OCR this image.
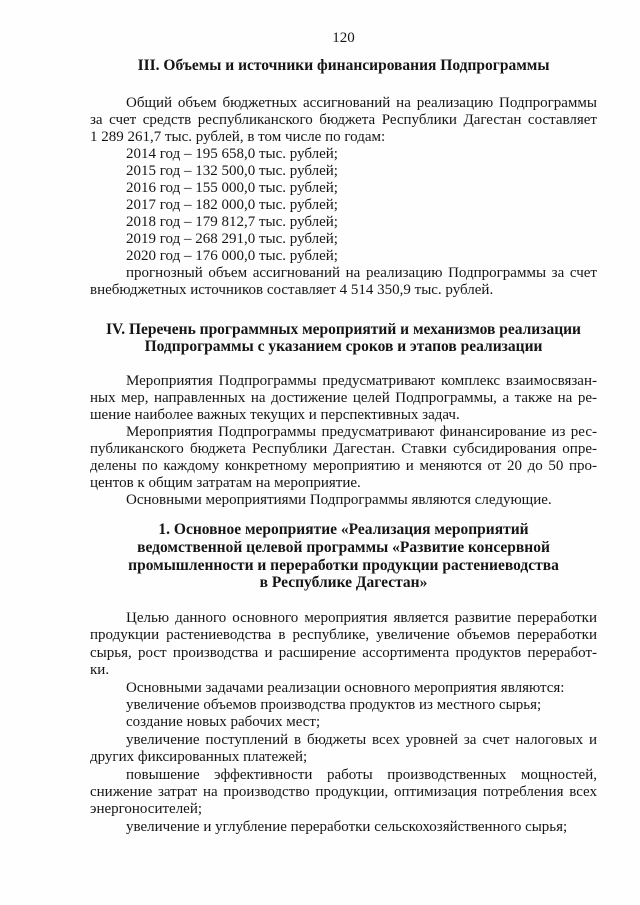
120
III. Объемы и источники финансирования Подпрограммы
Общий объем бюджетных ассигнований на реализацию Подпрограммы
за счет средств республиканского бюджета Республики Дагестан составляет
1 289 261,7 тыс. рублей, в том числе по годам:
2014 год – 195 658,0 тыс. рублей;
2015 год – 132 500,0 тыс. рублей;
2016 год – 155 000,0 тыс. рублей;
2017 год – 182 000,0 тыс. рублей;
2018 год – 179 812,7 тыс. рублей;
2019 год – 268 291,0 тыс. рублей;
2020 год – 176 000,0 тыс. рублей;
прогнозный объем ассигнований на реализацию Подпрограммы за счет
внебюджетных источников составляет 4 514 350,9 тыс. рублей.
IV. Перечень программных мероприятий и механизмов реализации
Подпрограммы с указанием сроков и этапов реализации
Мероприятия Подпрограммы предусматривают комплекс взаимосвязан-
ных мер, направленных на достижение целей Подпрограммы, а также на ре-
шение наиболее важных текущих и перспективных задач.
Мероприятия Подпрограммы предусматривают финансирование из рес-
публиканского бюджета Республики Дагестан. Ставки субсидирования опре-
делены по каждому конкретному мероприятию и меняются от 20 до 50 про-
центов к общим затратам на мероприятие.
Основными мероприятиями Подпрограммы являются следующие.
1. Основное мероприятие «Реализация мероприятий
ведомственной целевой программы «Развитие консервной
промышленности и переработки продукции растениеводства
в Республике Дагестан»
Целью данного основного мероприятия является развитие переработки
продукции растениеводства в республике, увеличение объемов переработки
сырья, рост производства и расширение ассортимента продуктов переработ-
ки.
Основными задачами реализации основного мероприятия являются:
увеличение объемов производства продуктов из местного сырья;
создание новых рабочих мест;
увеличение поступлений в бюджеты всех уровней за счет налоговых и
других фиксированных платежей;
повышение эффективности работы производственных мощностей,
снижение затрат на производство продукции, оптимизация потребления всех
энергоносителей;
увеличение и углубление переработки сельскохозяйственного сырья;
